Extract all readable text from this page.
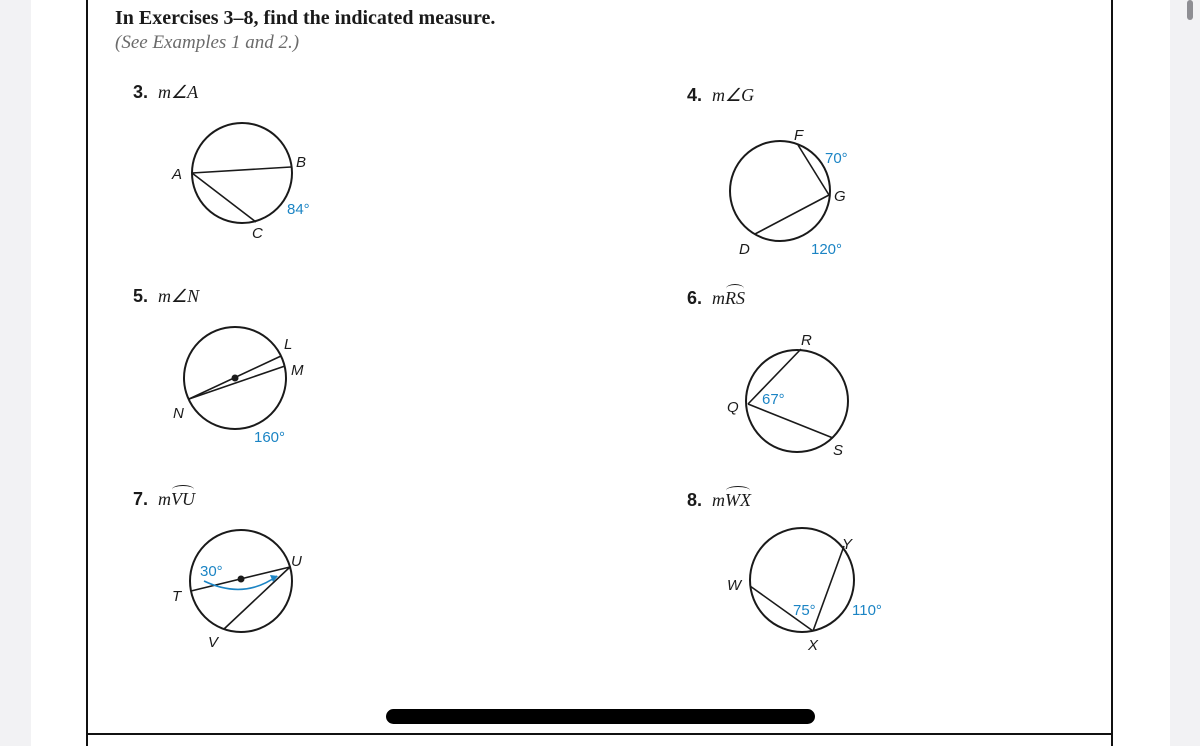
In Exercises 3–8, find the indicated measure.
(See Examples 1 and 2.)
3. m∠A
A
B
C
84°
4. m∠G
F
G
D
70°
120°
5. m∠N
L
M
N
160°
6. mRS
R
Q
S
67°
7. mVU
T
U
V
30°
8. mWX
W
Y
X
75° 110°
